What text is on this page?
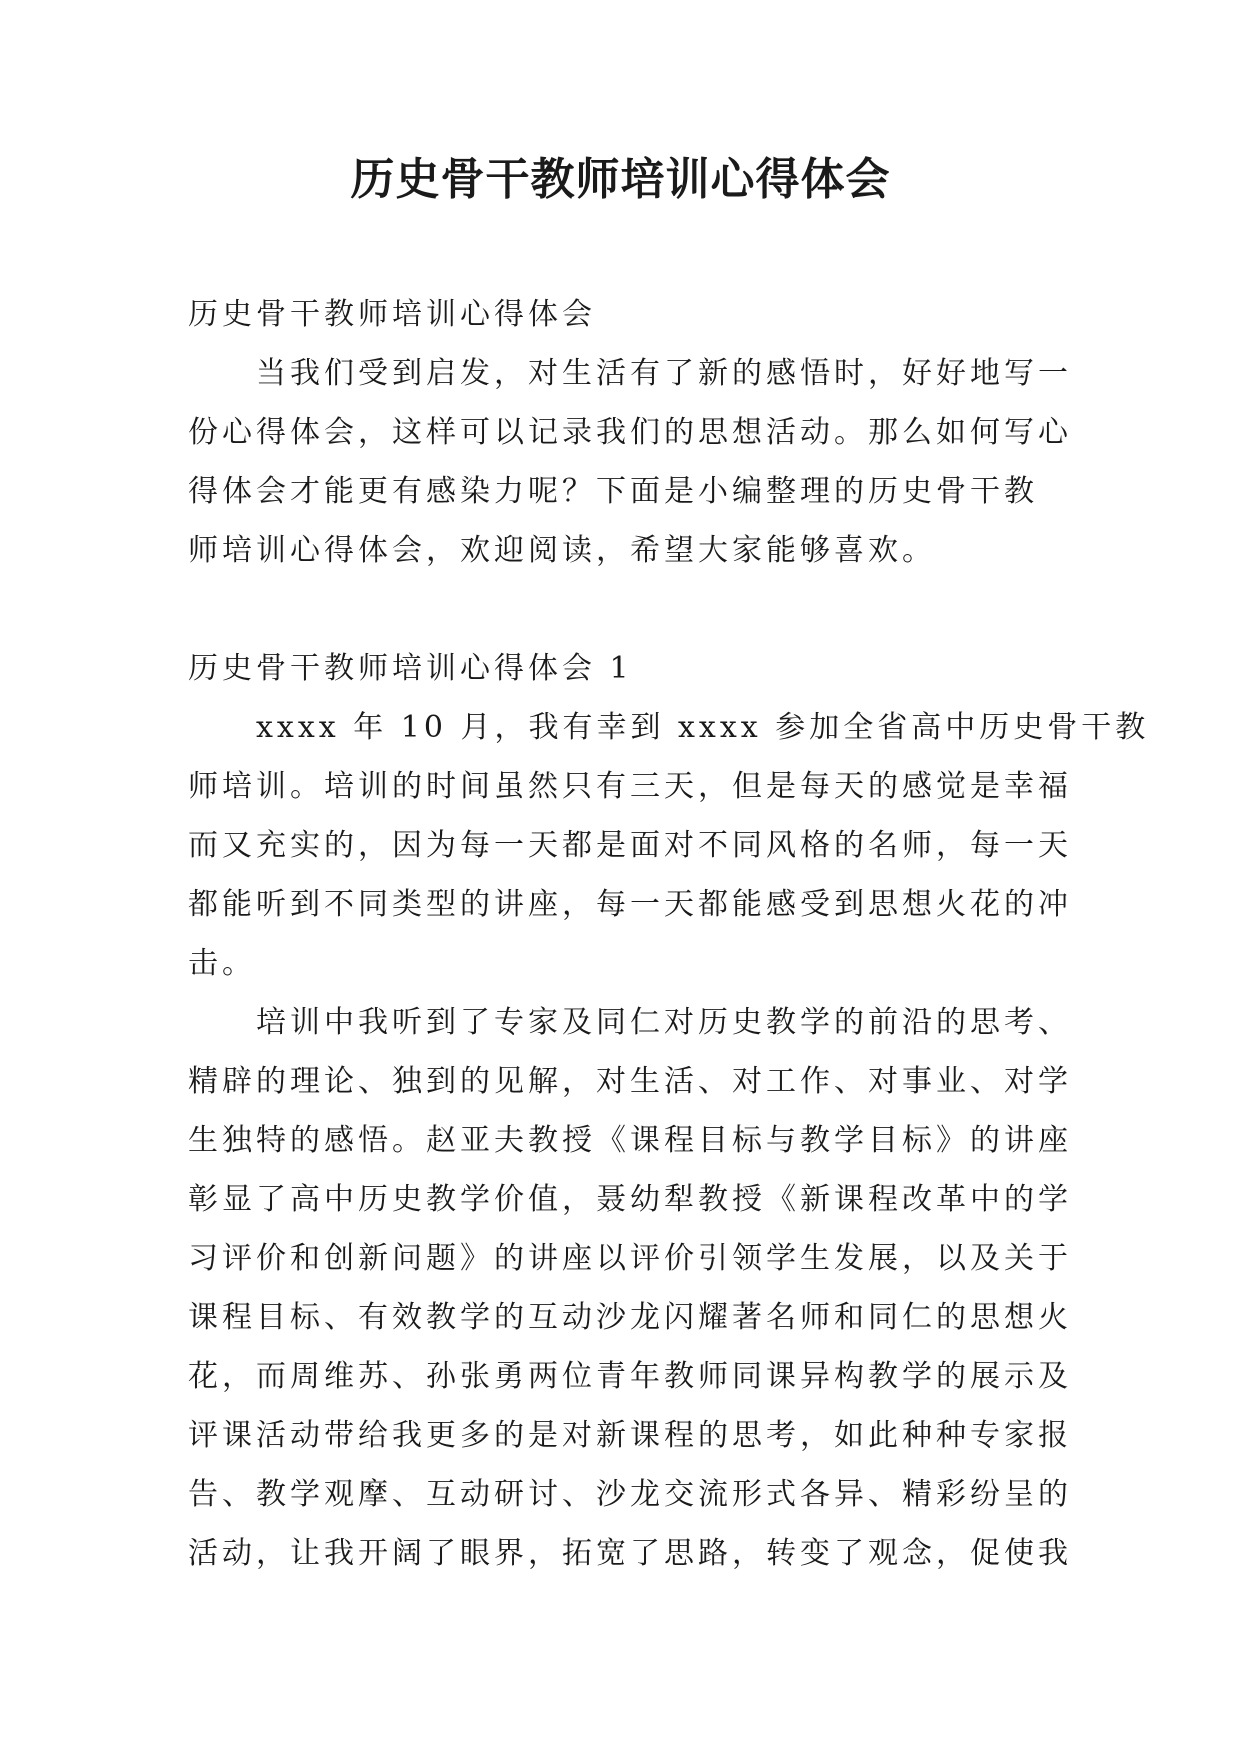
历史骨干教师培训心得体会
历史骨干教师培训心得体会
当我们受到启发，对生活有了新的感悟时，好好地写一
份心得体会，这样可以记录我们的思想活动。那么如何写心
得体会才能更有感染力呢？下面是小编整理的历史骨干教
师培训心得体会，欢迎阅读，希望大家能够喜欢。
历史骨干教师培训心得体会 1
xxxx 年 10 月，我有幸到 xxxx 参加全省高中历史骨干教
师培训。培训的时间虽然只有三天，但是每天的感觉是幸福
而又充实的，因为每一天都是面对不同风格的名师，每一天
都能听到不同类型的讲座，每一天都能感受到思想火花的冲
击。
培训中我听到了专家及同仁对历史教学的前沿的思考、
精辟的理论、独到的见解，对生活、对工作、对事业、对学
生独特的感悟。赵亚夫教授《课程目标与教学目标》的讲座
彰显了高中历史教学价值，聂幼犁教授《新课程改革中的学
习评价和创新问题》的讲座以评价引领学生发展，以及关于
课程目标、有效教学的互动沙龙闪耀著名师和同仁的思想火
花，而周维苏、孙张勇两位青年教师同课异构教学的展示及
评课活动带给我更多的是对新课程的思考，如此种种专家报
告、教学观摩、互动研讨、沙龙交流形式各异、精彩纷呈的
活动，让我开阔了眼界，拓宽了思路，转变了观念，促使我
